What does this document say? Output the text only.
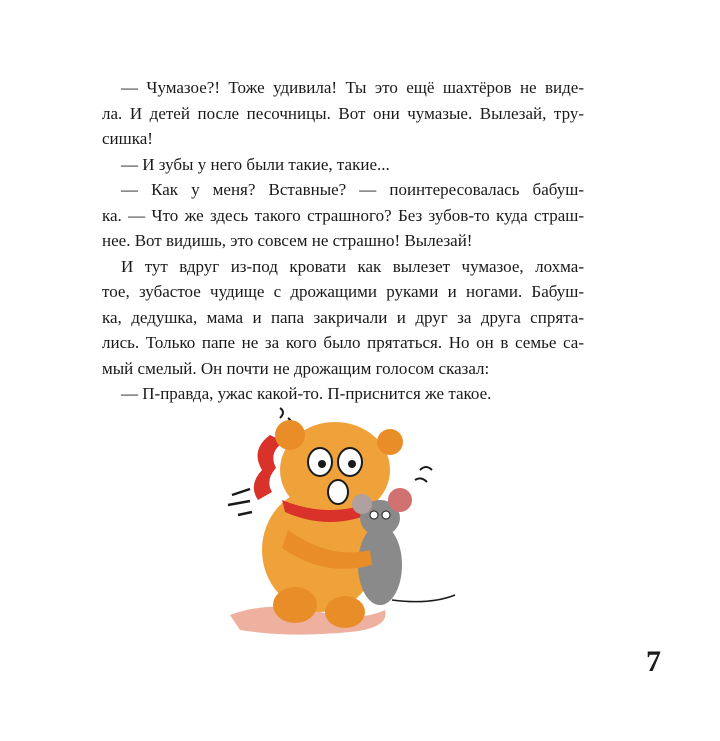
— Чумазое?! Тоже удивила! Ты это ещё шахтёров не виде-
ла. И детей после песочницы. Вот они чумазые. Вылезай, тру-
сишка!
— И зубы у него были такие, такие...
— Как у меня? Вставные? — поинтересовалась бабуш-
ка. — Что же здесь такого страшного? Без зубов-то куда страш-
нее. Вот видишь, это совсем не страшно! Вылезай!
И тут вдруг из-под кровати как вылезет чумазое, лохма-
тое, зубастое чудище с дрожащими руками и ногами. Бабуш-
ка, дедушка, мама и папа закричали и друг за друга спрята-
лись. Только папе не за кого было прятаться. Но он в семье са-
мый смелый. Он почти не дрожащим голосом сказал:
— П-правда, ужас какой-то. П-приснится же такое.
7
